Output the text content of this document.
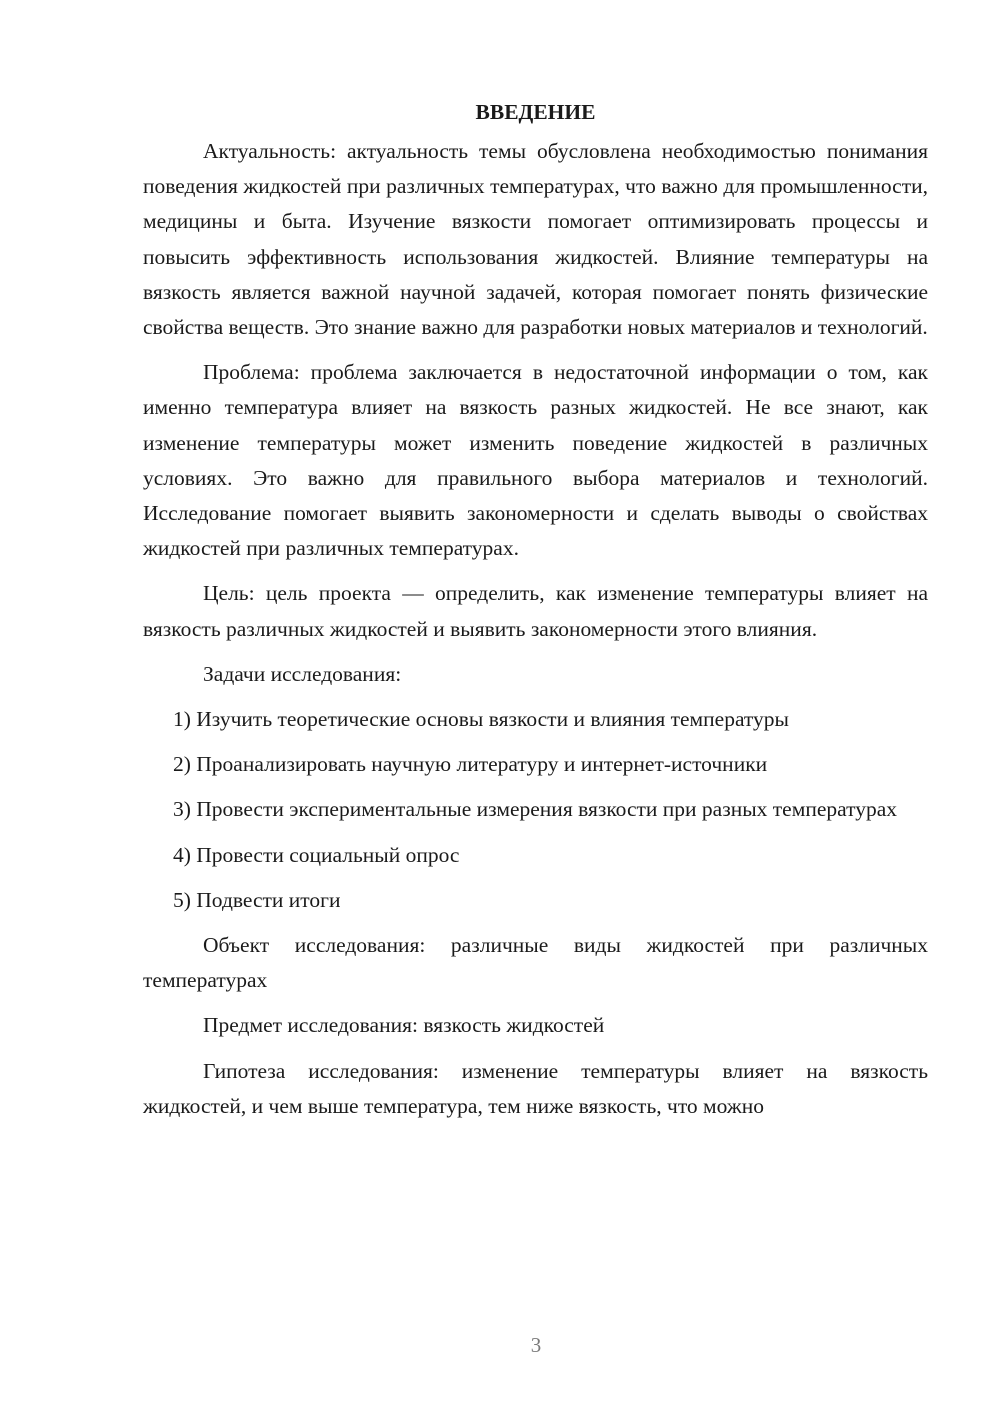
ВВЕДЕНИЕ

Актуальность: актуальность темы обусловлена необходимостью понимания поведения жидкостей при различных температурах, что важно для промышленности, медицины и быта. Изучение вязкости помогает оптимизировать процессы и повысить эффективность использования жидкостей. Влияние температуры на вязкость является важной научной задачей, которая помогает понять физические свойства веществ. Это знание важно для разработки новых материалов и технологий.

Проблема: проблема заключается в недостаточной информации о том, как именно температура влияет на вязкость разных жидкостей. Не все знают, как изменение температуры может изменить поведение жидкостей в различных условиях. Это важно для правильного выбора материалов и технологий. Исследование помогает выявить закономерности и сделать выводы о свойствах жидкостей при различных температурах.

Цель: цель проекта — определить, как изменение температуры влияет на вязкость различных жидкостей и выявить закономерности этого влияния.

Задачи исследования:

1) Изучить теоретические основы вязкости и влияния температуры

2) Проанализировать научную литературу и интернет-источники

3) Провести экспериментальные измерения вязкости при разных температурах

4) Провести социальный опрос

5) Подвести итоги

Объект исследования: различные виды жидкостей при различных температурах

Предмет исследования: вязкость жидкостей

Гипотеза исследования: изменение температуры влияет на вязкость жидкостей, и чем выше температура, тем ниже вязкость, что можно

3
